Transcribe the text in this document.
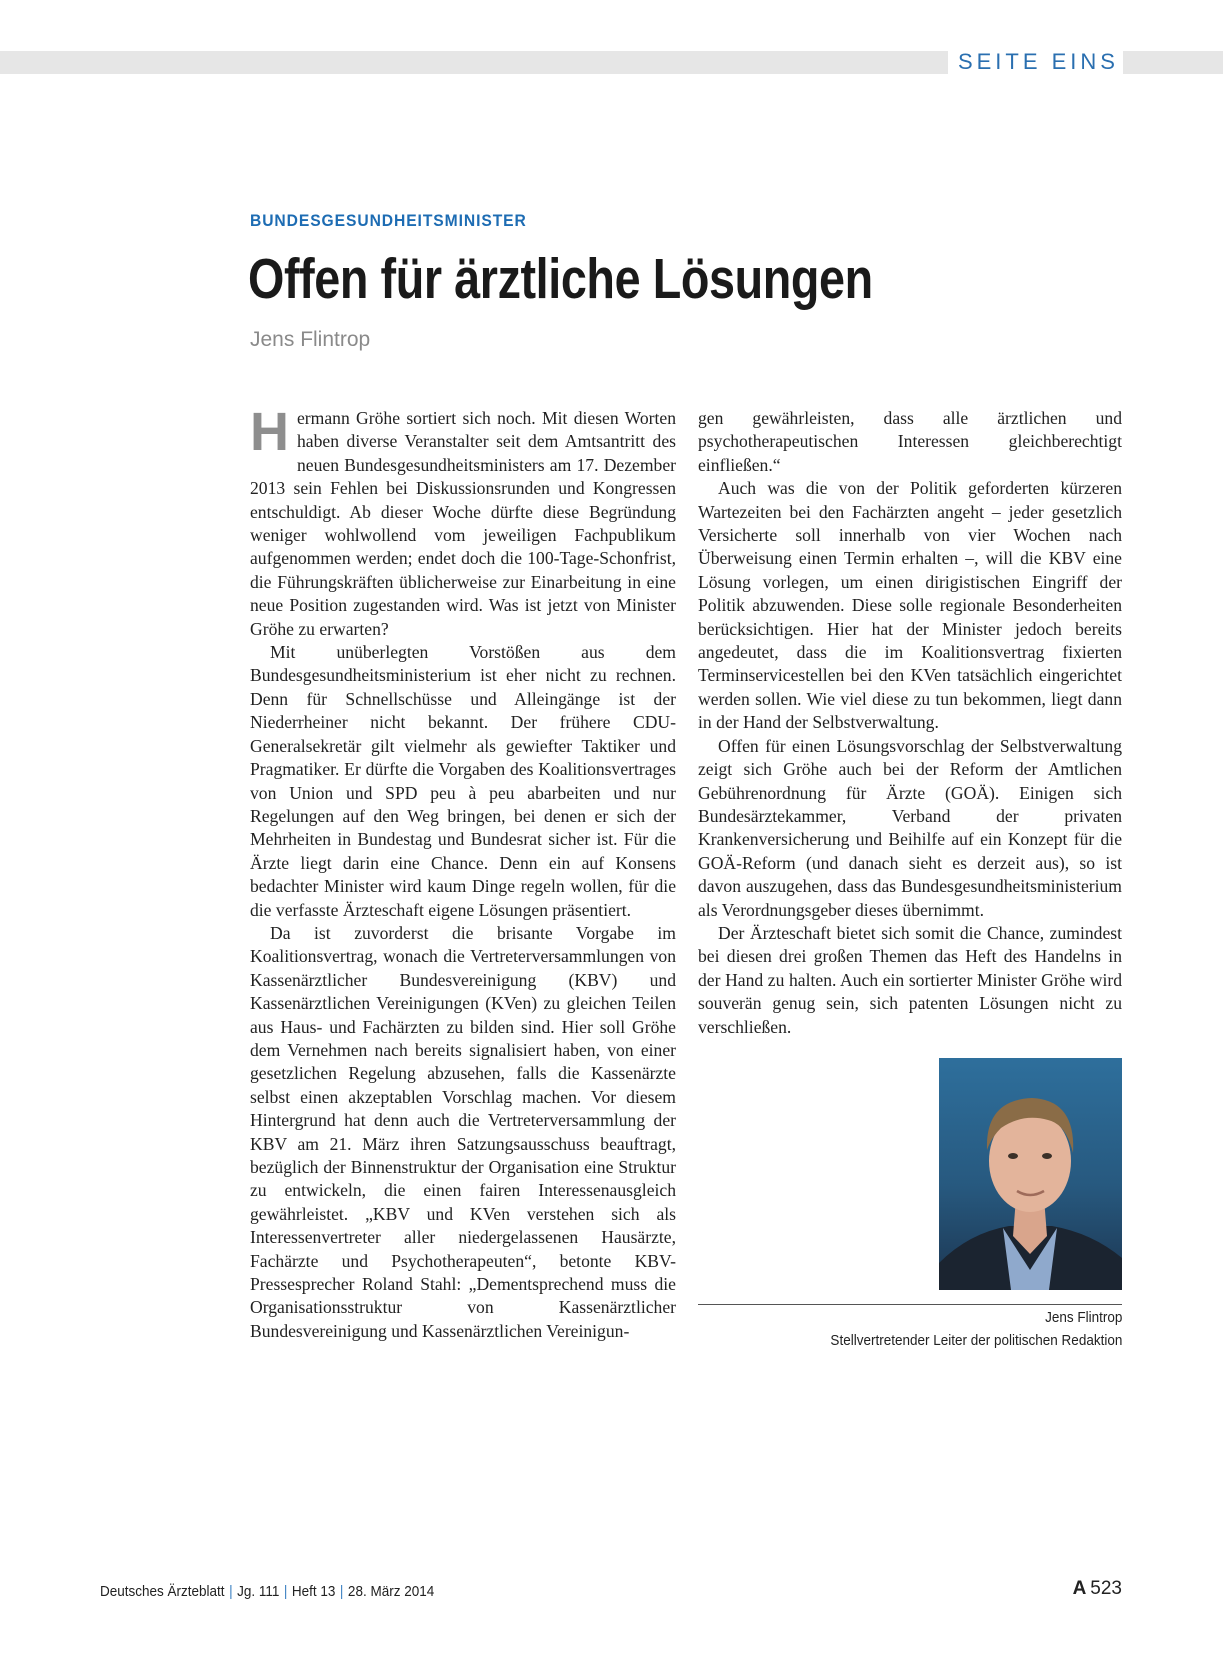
SEITE EINS
BUNDESGESUNDHEITSMINISTER
Offen für ärztliche Lösungen
Jens Flintrop

Hermann Gröhe sortiert sich noch. Mit diesen Worten haben diverse Veranstalter seit dem Amtsantritt des neuen Bundesgesundheitsministers am 17. Dezember 2013 sein Fehlen bei Diskussionsrunden und Kongressen entschuldigt. Ab dieser Woche dürfte diese Begründung weniger wohlwollend vom jeweiligen Fachpublikum aufgenommen werden; endet doch die 100-Tage-Schonfrist, die Führungskräften üblicherweise zur Einarbeitung in eine neue Position zugestanden wird. Was ist jetzt von Minister Gröhe zu erwarten?

Mit unüberlegten Vorstößen aus dem Bundesgesundheitsministerium ist eher nicht zu rechnen. Denn für Schnellschüsse und Alleingänge ist der Niederrheiner nicht bekannt. Der frühere CDU-Generalsekretär gilt vielmehr als gewiefter Taktiker und Pragmatiker. Er dürfte die Vorgaben des Koalitionsvertrages von Union und SPD peu à peu abarbeiten und nur Regelungen auf den Weg bringen, bei denen er sich der Mehrheiten in Bundestag und Bundesrat sicher ist. Für die Ärzte liegt darin eine Chance. Denn ein auf Konsens bedachter Minister wird kaum Dinge regeln wollen, für die die verfasste Ärzteschaft eigene Lösungen präsentiert.

Da ist zuvorderst die brisante Vorgabe im Koalitionsvertrag, wonach die Vertreterversammlungen von Kassenärztlicher Bundesvereinigung (KBV) und Kassenärztlichen Vereinigungen (KVen) zu gleichen Teilen aus Haus- und Fachärzten zu bilden sind. Hier soll Gröhe dem Vernehmen nach bereits signalisiert haben, von einer gesetzlichen Regelung abzusehen, falls die Kassenärzte selbst einen akzeptablen Vorschlag machen. Vor diesem Hintergrund hat denn auch die Vertreterversammlung der KBV am 21. März ihren Satzungsausschuss beauftragt, bezüglich der Binnenstruktur der Organisation eine Struktur zu entwickeln, die einen fairen Interessenausgleich gewährleistet. „KBV und KVen verstehen sich als Interessenvertreter aller niedergelassenen Hausärzte, Fachärzte und Psychotherapeuten“, betonte KBV-Pressesprecher Roland Stahl: „Dementsprechend muss die Organisationsstruktur von Kassenärztlicher Bundesvereinigung und Kassenärztlichen Vereinigun-

gen gewährleisten, dass alle ärztlichen und psychotherapeutischen Interessen gleichberechtigt einfließen.“

Auch was die von der Politik geforderten kürzeren Wartezeiten bei den Fachärzten angeht – jeder gesetzlich Versicherte soll innerhalb von vier Wochen nach Überweisung einen Termin erhalten –, will die KBV eine Lösung vorlegen, um einen dirigistischen Eingriff der Politik abzuwenden. Diese solle regionale Besonderheiten berücksichtigen. Hier hat der Minister jedoch bereits angedeutet, dass die im Koalitionsvertrag fixierten Terminservicestellen bei den KVen tatsächlich eingerichtet werden sollen. Wie viel diese zu tun bekommen, liegt dann in der Hand der Selbstverwaltung.

Offen für einen Lösungsvorschlag der Selbstverwaltung zeigt sich Gröhe auch bei der Reform der Amtlichen Gebührenordnung für Ärzte (GOÄ). Einigen sich Bundesärztekammer, Verband der privaten Krankenversicherung und Beihilfe auf ein Konzept für die GOÄ-Reform (und danach sieht es derzeit aus), so ist davon auszugehen, dass das Bundesgesundheitsministerium als Verordnungsgeber dieses übernimmt.

Der Ärzteschaft bietet sich somit die Chance, zumindest bei diesen drei großen Themen das Heft des Handelns in der Hand zu halten. Auch ein sortierter Minister Gröhe wird souverän genug sein, sich patenten Lösungen nicht zu verschließen.

Jens Flintrop
Stellvertretender Leiter der politischen Redaktion
Deutsches Ärzteblatt | Jg. 111 | Heft 13 | 28. März 2014	A 523
